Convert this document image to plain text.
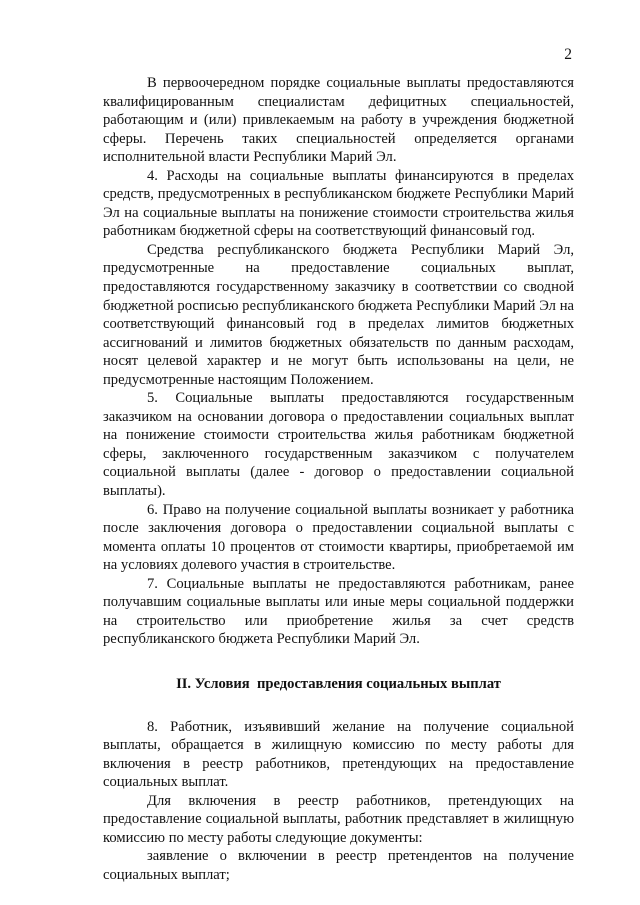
2

В первоочередном порядке социальные выплаты предоставляются квалифицированным специалистам дефицитных специальностей, работающим и (или) привлекаемым на работу в учреждения бюджетной сферы. Перечень таких специальностей определяется органами исполнительной власти Республики Марий Эл.

4. Расходы на социальные выплаты финансируются в пределах средств, предусмотренных в республиканском бюджете Республики Марий Эл на социальные выплаты на понижение стоимости строительства жилья работникам бюджетной сферы на соответствующий финансовый год.

Средства республиканского бюджета Республики Марий Эл, предусмотренные на предоставление социальных выплат, предоставляются государственному заказчику в соответствии со сводной бюджетной росписью республиканского бюджета Республики Марий Эл на соответствующий финансовый год в пределах лимитов бюджетных ассигнований и лимитов бюджетных обязательств по данным расходам, носят целевой характер и не могут быть использованы на цели, не предусмотренные настоящим Положением.

5. Социальные выплаты предоставляются государственным заказчиком на основании договора о предоставлении социальных выплат на понижение стоимости строительства жилья работникам бюджетной сферы, заключенного государственным заказчиком с получателем социальной выплаты (далее - договор о предоставлении социальной выплаты).

6. Право на получение социальной выплаты возникает у работника после заключения договора о предоставлении социальной выплаты с момента оплаты 10 процентов от стоимости квартиры, приобретаемой им на условиях долевого участия в строительстве.

7. Социальные выплаты не предоставляются работникам, ранее получавшим социальные выплаты или иные меры социальной поддержки на строительство или приобретение жилья за счет средств республиканского бюджета Республики Марий Эл.

II. Условия  предоставления социальных выплат

8. Работник, изъявивший желание на получение социальной выплаты, обращается в жилищную комиссию по месту работы для включения в реестр работников, претендующих на предоставление социальных выплат.

Для включения в реестр работников, претендующих на предоставление социальной выплаты, работник представляет в жилищную комиссию по месту работы следующие документы:

заявление о включении в реестр претендентов на получение социальных выплат;
